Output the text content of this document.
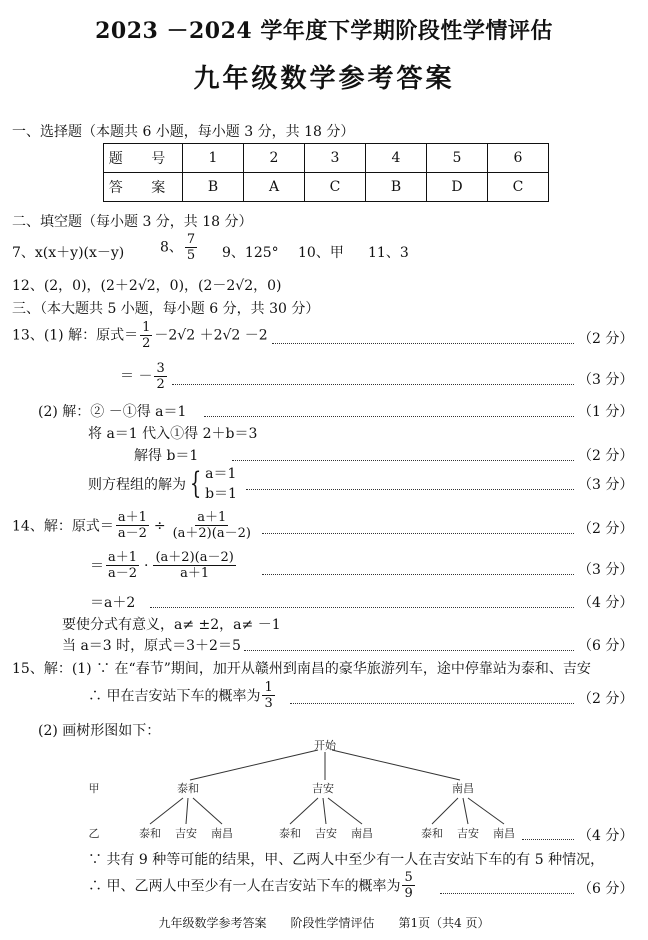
2023 －2024 学年度下学期阶段性学情评估
九年级数学参考答案
一、选择题（本题共 6 小题，每小题 3 分，共 18 分）
题 号	1	2	3	4	5	6
答 案	B	A	C	B	D	C
二、填空题（每小题 3 分，共 18 分）
7、x(x＋y)(x－y)	8、 $\frac{7}{5} 9$、125° 10、甲 11、3
12、(2，0)，(2＋2√2，0)，(2－2√2，0)
三、（本大题共 5 小题，每小题 6 分，共 30 分）
13、(1) 解：原式＝ $\frac{1}{2} -2√2 +2√2 -2$	（2 分）
＝ － $\frac{3}{2}$	（3 分）
(2) 解：② －①得 a＝1	（1 分）
将 a＝1 代入①得 2＋b＝3
解得 b＝1	（2 分）
则方程组的解为 { a＝1
b＝1
（3 分）
14、解：原式＝ $\frac{a+1}{a-2} \div \frac{a+1}{(a+2)(a-2)}$	（2 分）
＝ $\frac{a+1}{a-2} \cdot \frac{(a+2)(a-2)}{a+1}$	（3 分）
＝a＋2	（4 分）
要使分式有意义，a≠ ±2，a≠ －1
当 a＝3 时，原式＝3＋2＝5	（6 分）
15、解：(1) ∵ 在“春节”期间，加开从赣州到南昌的豪华旅游列车，途中停靠站为泰和、吉安
∴ 甲在吉安站下车的概率为 $\frac{1}{3}$	（2 分）
(2) 画树形图如下：
开始
甲	泰和	吉安	南昌
乙	泰和 吉安 南昌	泰和 吉安 南昌	泰和 吉安 南昌	（4 分）
∵ 共有 9 种等可能的结果，甲、乙两人中至少有一人在吉安站下车的有 5 种情况，
∴ 甲、乙两人中至少有一人在吉安站下车的概率为 $\frac{5}{9}$	（6 分）
九年级数学参考答案　　阶段性学情评估　　第1页（共4 页）
